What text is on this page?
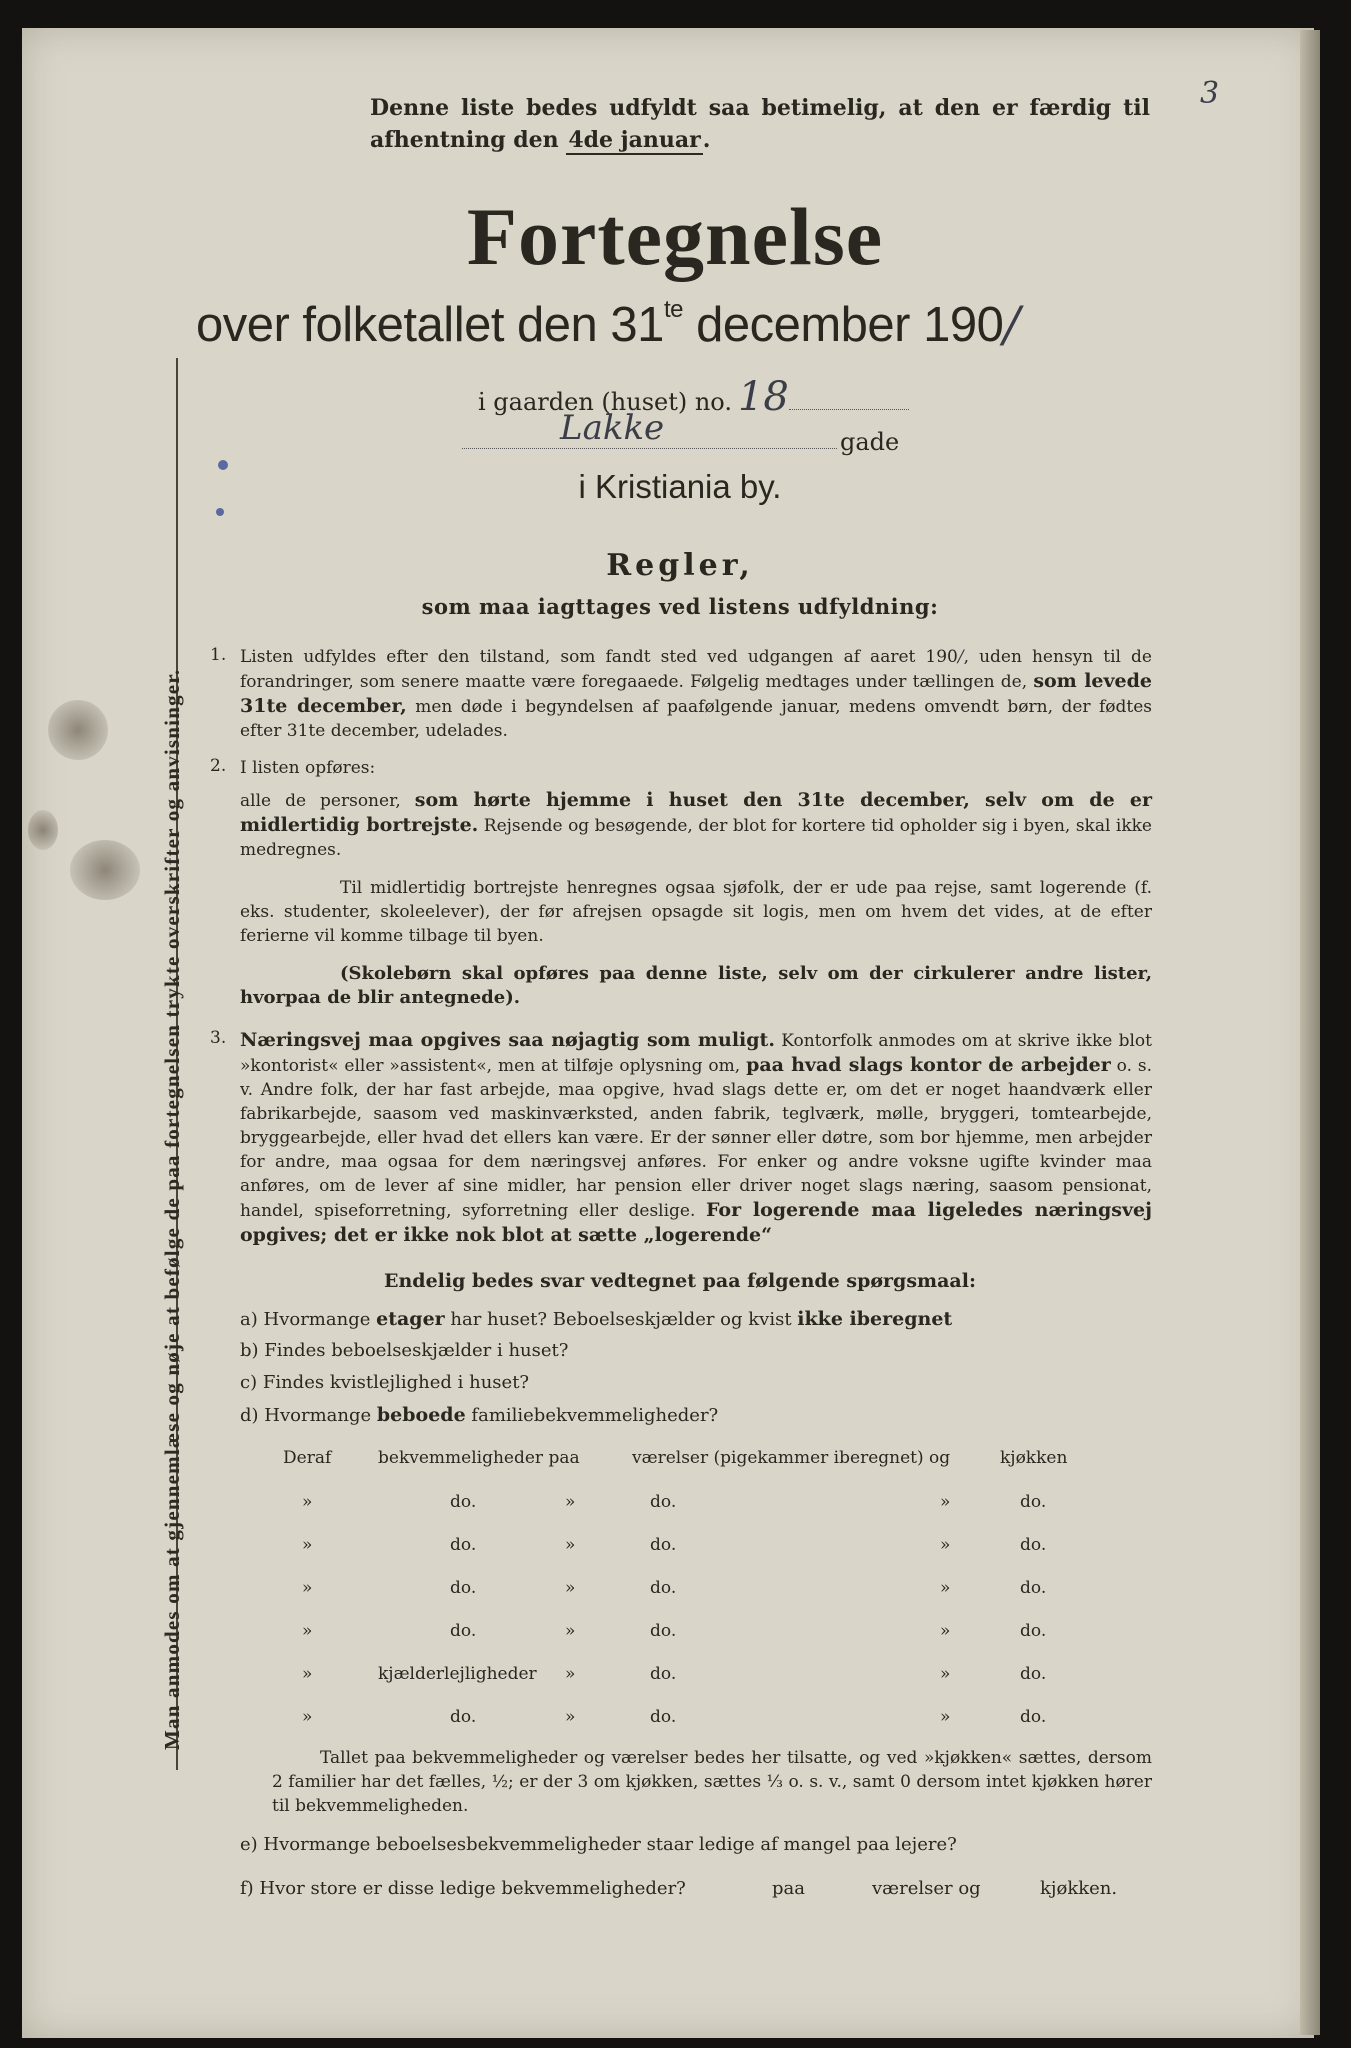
3
Man anmodes om at gjennemlæse og nøje at befølge de paa fortegnelsen trykte overskrifter og anvisninger.
Denne liste bedes udfyldt saa betimelig, at den er færdig til afhentning den 4de januar.
Fortegnelse
over folketallet den $31^{te}$ december 190/
i gaarden (huset) no. 18
Lakke	gade
i Kristiania by.
Regler,
som maa iagttages ved listens udfyldning:
1. Listen udfyldes efter den tilstand, som fandt sted ved udgangen af aaret 190/, uden hensyn til de forandringer, som senere maatte være foregaaede. Følgelig medtages under tællingen de, som levede 31te december, men døde i begyndelsen af paafølgende januar, medens omvendt børn, der fødtes efter 31te december, udelades.
2. I listen opføres:
alle de personer, som hørte hjemme i huset den 31te december, selv om de er midlertidig bortrejste. Rejsende og besøgende, der blot for kortere tid opholder sig i byen, skal ikke medregnes.
Til midlertidig bortrejste henregnes ogsaa sjøfolk, der er ude paa rejse, samt logerende (f. eks. studenter, skoleelever), der før afrejsen opsagde sit logis, men om hvem det vides, at de efter ferierne vil komme tilbage til byen.
(Skolebørn skal opføres paa denne liste, selv om der cirkulerer andre lister, hvorpaa de blir antegnede).
3. Næringsvej maa opgives saa nøjagtig som muligt. Kontorfolk anmodes om at skrive ikke blot »kontorist« eller »assistent«, men at tilføje oplysning om, paa hvad slags kontor de arbejder o. s. v. Andre folk, der har fast arbejde, maa opgive, hvad slags dette er, om det er noget haandværk eller fabrikarbejde, saasom ved maskinværksted, anden fabrik, teglværk, mølle, bryggeri, tomtearbejde, bryggearbejde, eller hvad det ellers kan være. Er der sønner eller døtre, som bor hjemme, men arbejder for andre, maa ogsaa for dem næringsvej anføres. For enker og andre voksne ugifte kvinder maa anføres, om de lever af sine midler, har pension eller driver noget slags næring, saasom pensionat, handel, spiseforretning, syforretning eller deslige. For logerende maa ligeledes næringsvej opgives; det er ikke nok blot at sætte „logerende“
Endelig bedes svar vedtegnet paa følgende spørgsmaal:
a) Hvormange etager har huset? Beboelseskjælder og kvist ikke iberegnet
b) Findes beboelseskjælder i huset?
c) Findes kvistlejlighed i huset?
d) Hvormange beboede familiebekvemmeligheder?
Deraf	bekvemmeligheder paa	værelser (pigekammer iberegnet) og	kjøkken
»	do.	»	do.	»	do.
»	do.	»	do.	»	do.
»	do.	»	do.	»	do.
»	do.	»	do.	»	do.
»	kjælderlejligheder »	do.	»	do.
»	do.	»	do.	»	do.
Tallet paa bekvemmeligheder og værelser bedes her tilsatte, og ved »kjøkken« sættes, dersom 2 familier har det fælles, ½; er der 3 om kjøkken, sættes ⅓ o. s. v., samt 0 dersom intet kjøkken hører til bekvemmeligheden.
e) Hvormange beboelsesbekvemmeligheder staar ledige af mangel paa lejere?
f) Hvor store er disse ledige bekvemmeligheder?	paa	værelser og	kjøkken.
